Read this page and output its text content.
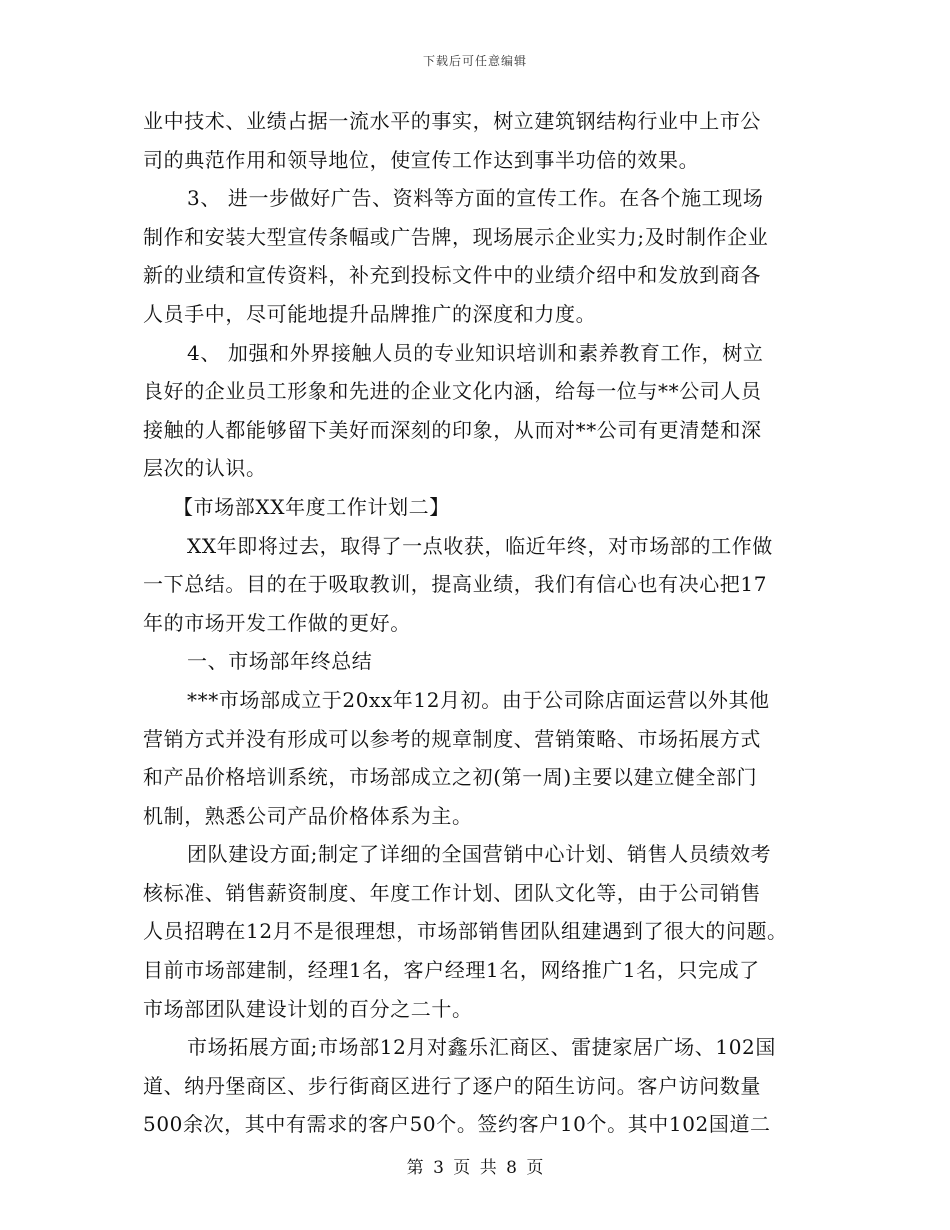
下载后可任意编辑
业中技术、业绩占据一流水平的事实，树立建筑钢结构行业中上市公
司的典范作用和领导地位，使宣传工作达到事半功倍的效果。
3、 进一步做好广告、资料等方面的宣传工作。在各个施工现场
制作和安装大型宣传条幅或广告牌，现场展示企业实力;及时制作企业
新的业绩和宣传资料，补充到投标文件中的业绩介绍中和发放到商各
人员手中，尽可能地提升品牌推广的深度和力度。
4、 加强和外界接触人员的专业知识培训和素养教育工作，树立
良好的企业员工形象和先进的企业文化内涵，给每一位与**公司人员
接触的人都能够留下美好而深刻的印象，从而对**公司有更清楚和深
层次的认识。
【市场部XX年度工作计划二】
XX年即将过去，取得了一点收获，临近年终，对市场部的工作做
一下总结。目的在于吸取教训，提高业绩，我们有信心也有决心把17
年的市场开发工作做的更好。
一、市场部年终总结
***市场部成立于20xx年12月初。由于公司除店面运营以外其他
营销方式并没有形成可以参考的规章制度、营销策略、市场拓展方式
和产品价格培训系统，市场部成立之初(第一周)主要以建立健全部门
机制，熟悉公司产品价格体系为主。
团队建设方面;制定了详细的全国营销中心计划、销售人员绩效考
核标准、销售薪资制度、年度工作计划、团队文化等，由于公司销售
人员招聘在12月不是很理想，市场部销售团队组建遇到了很大的问题。
目前市场部建制，经理1名，客户经理1名，网络推广1名，只完成了
市场部团队建设计划的百分之二十。
市场拓展方面;市场部12月对鑫乐汇商区、雷捷家居广场、102国
道、纳丹堡商区、步行街商区进行了逐户的陌生访问。客户访问数量
500余次，其中有需求的客户50个。签约客户10个。其中102国道二
第 3 页 共 8 页
